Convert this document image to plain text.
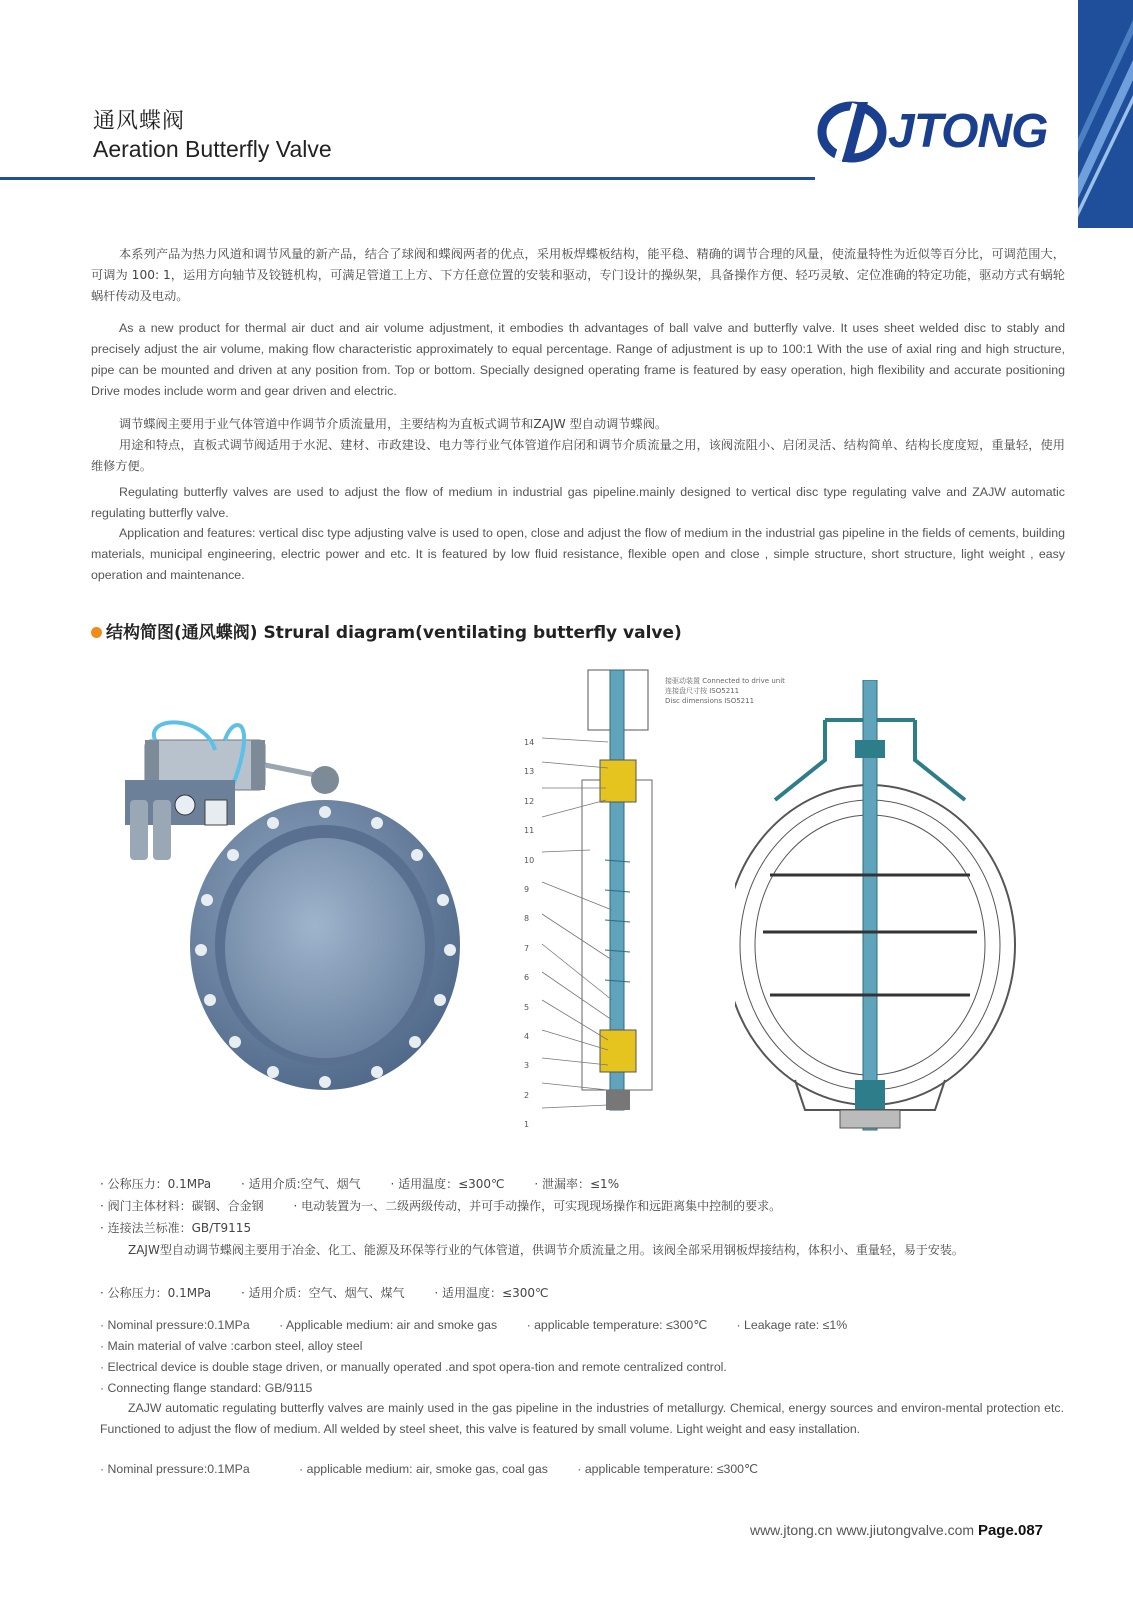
通风蝶阀
Aeration Butterfly Valve	JTONG
本系列产品为热力风道和调节风量的新产品，结合了球阀和蝶阀两者的优点，采用板焊蝶板结构，能平稳、精确的调节合理的风量，使流量特性为近似等百分比，可调范围大，可调为 100: 1，运用方向轴节及铰链机构，可满足管道工上方、下方任意位置的安装和驱动，专门设计的操纵架，具备操作方便、轻巧灵敏、定位准确的特定功能，驱动方式有蜗轮蜗杆传动及电动。
As a new product for thermal air duct and air volume adjustment, it embodies th advantages of ball valve and butterfly valve. It uses sheet welded disc to stably and precisely adjust the air volume, making flow characteristic approximately to equal percentage. Range of adjustment is up to 100:1 With the use of axial ring and high structure, pipe can be mounted and driven at any position from. Top or bottom. Specially designed operating frame is featured by easy operation, high flexibility and accurate positioning Drive modes include worm and gear driven and electric.
调节蝶阀主要用于业气体管道中作调节介质流量用，主要结构为直板式调节和ZAJW 型自动调节蝶阀。
用途和特点，直板式调节阀适用于水泥、建材、市政建设、电力等行业气体管道作启闭和调节介质流量之用，该阀流阻小、启闭灵活、结构简单、结构长度度短，重量轻，使用维修方便。
Regulating butterfly valves are used to adjust the flow of medium in industrial gas pipeline.mainly designed to vertical disc type regulating valve and ZAJW automatic regulating butterfly valve.
Application and features: vertical disc type adjusting valve is used to open, close and adjust the flow of medium in the industrial gas pipeline in the fields of cements, building materials, municipal engineering, electric power and etc. It is featured by low fluid resistance, flexible open and close , simple structure, short structure, light weight , easy operation and maintenance.
结构简图(通风蝶阀) Strural diagram(ventilating butterfly valve)
14
13
12
11
10
9
8
7
6
5
4
3
2
1
接驱动装置 Connected to drive unit
连接盘尺寸按 ISO5211
Disc dimensions ISO5211
· 公称压力：0.1MPa · 适用介质:空气、烟气 · 适用温度：≤300℃ · 泄漏率：≤1%
· 阀门主体材料：碳钢、合金钢 · 电动装置为一、二级两级传动，并可手动操作，可实现现场操作和远距离集中控制的要求。
· 连接法兰标准：GB/T9115
ZAJW型自动调节蝶阀主要用于冶金、化工、能源及环保等行业的气体管道，供调节介质流量之用。该阀全部采用钢板焊接结构，体积小、重量轻，易于安装。
· 公称压力：0.1MPa · 适用介质：空气、烟气、煤气 · 适用温度：≤300℃
· Nominal pressure:0.1MPa · Applicable medium: air and smoke gas · applicable temperature: ≤300℃ · Leakage rate: ≤1%
· Main material of valve :carbon steel, alloy steel
· Electrical device is double stage driven, or manually operated .and spot opera-tion and remote centralized control.
· Connecting flange standard: GB/9115
ZAJW automatic regulating butterfly valves are mainly used in the gas pipeline in the industries of metallurgy. Chemical, energy sources and environ-mental protection etc. Functioned to adjust the flow of medium. All welded by steel sheet, this valve is featured by small volume. Light weight and easy installation.
· Nominal pressure:0.1MPa	· applicable medium: air, smoke gas, coal gas · applicable temperature: ≤300℃
www.jtong.cn www.jiutongvalve.com Page.087
